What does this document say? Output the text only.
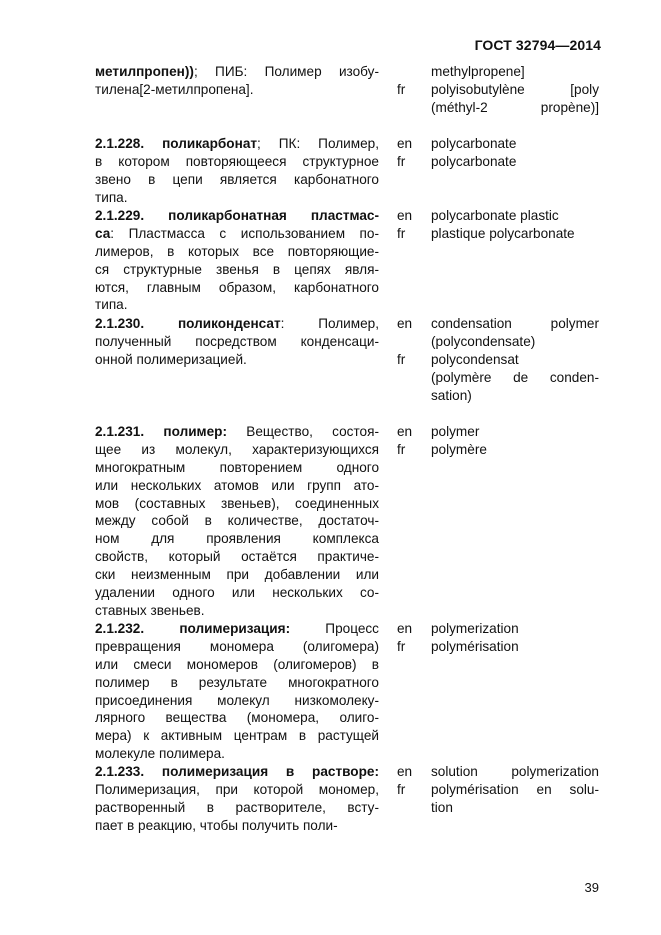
ГОСТ 32794—2014
метилпропен)); ПИБ: Полимер изобу-
тилена[2-метилпропена].	fr
methylpropene]
polyisobutylène [poly
(méthyl-2 propène)]
2.1.228. поликарбонат; ПК: Полимер,
в котором повторяющееся структурное
звено в цепи является карбонатного
типа.
en
fr
polycarbonate
polycarbonate
2.1.229. поликарбонатная пластмас-
са: Пластмасса с использованием по-
лимеров, в которых все повторяющие-
ся структурные звенья в цепях явля-
ются, главным образом, карбонатного
типа.
en
fr
polycarbonate plastic
plastique polycarbonate
2.1.230. поликонденсат: Полимер,
полученный посредством конденсаци-
онной полимеризацией.
en
fr
condensation polymer
(polycondensate)
polycondensat
(polymère de conden-
sation)
2.1.231. полимер: Вещество, состоя-
щее из молекул, характеризующихся
многократным повторением одного
или нескольких атомов или групп ато-
мов (составных звеньев), соединенных
между собой в количестве, достаточ-
ном для проявления комплекса
свойств, который остаётся практиче-
ски неизменным при добавлении или
удалении одного или нескольких со-
ставных звеньев.
en
fr
polymer
polymère
2.1.232. полимеризация: Процесс
превращения мономера (олигомера)
или смеси мономеров (олигомеров) в
полимер в результате многократного
присоединения молекул низкомолеку-
лярного вещества (мономера, олиго-
мера) к активным центрам в растущей
молекуле полимера.
en
fr
polymerization
polymérisation
2.1.233. полимеризация в растворе:
Полимеризация, при которой мономер,
растворенный в растворителе, всту-
пает в реакцию, чтобы получить поли-
en
fr
solution polymerization
polymérisation en solu-
tion
39
